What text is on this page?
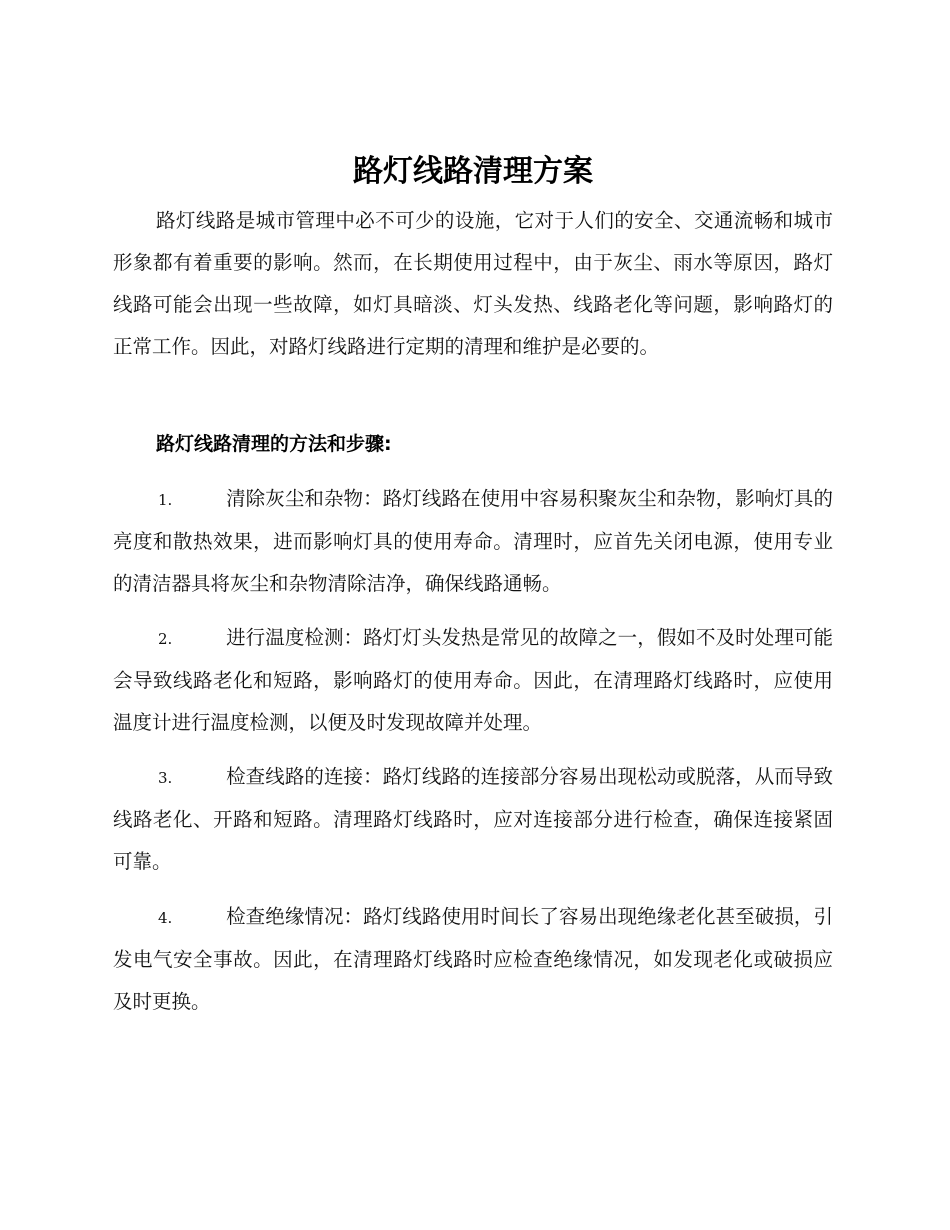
路灯线路清理方案

路灯线路是城市管理中必不可少的设施，它对于人们的安全、交通流畅和城市形象都有着重要的影响。然而，在长期使用过程中，由于灰尘、雨水等原因，路灯线路可能会出现一些故障，如灯具暗淡、灯头发热、线路老化等问题，影响路灯的正常工作。因此，对路灯线路进行定期的清理和维护是必要的。

路灯线路清理的方法和步骤:

1.	清除灰尘和杂物：路灯线路在使用中容易积聚灰尘和杂物，影响灯具的亮度和散热效果，进而影响灯具的使用寿命。清理时，应首先关闭电源，使用专业的清洁器具将灰尘和杂物清除洁净，确保线路通畅。

2.	进行温度检测：路灯灯头发热是常见的故障之一，假如不及时处理可能会导致线路老化和短路，影响路灯的使用寿命。因此，在清理路灯线路时，应使用温度计进行温度检测，以便及时发现故障并处理。

3.	检查线路的连接：路灯线路的连接部分容易出现松动或脱落，从而导致线路老化、开路和短路。清理路灯线路时，应对连接部分进行检查，确保连接紧固可靠。

4.	检查绝缘情况：路灯线路使用时间长了容易出现绝缘老化甚至破损，引发电气安全事故。因此，在清理路灯线路时应检查绝缘情况，如发现老化或破损应及时更换。
